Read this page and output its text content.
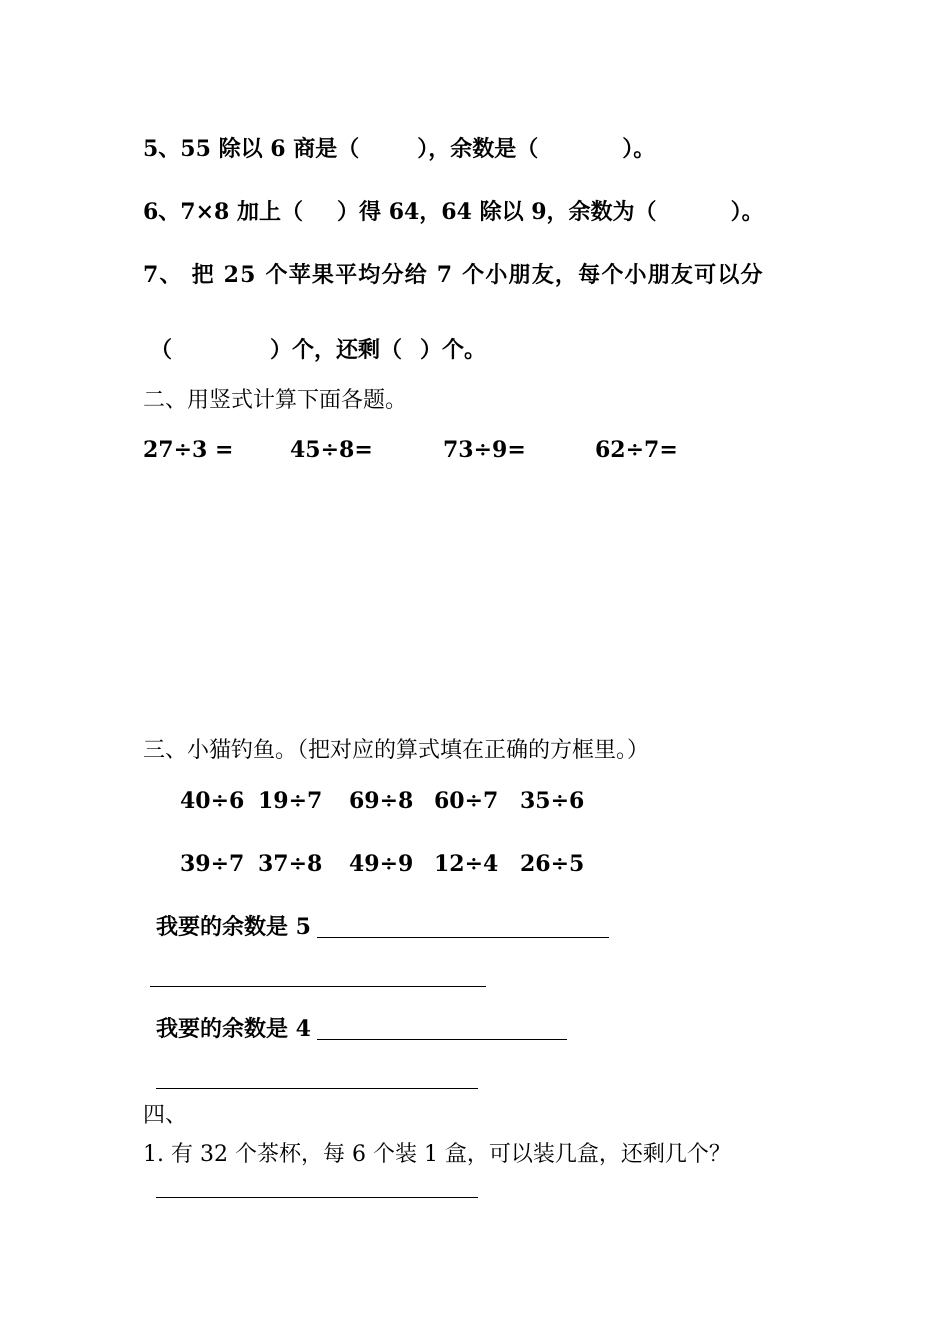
5、55 除以 6 商是（	），余数是（	）。
6、7×8 加上（ ）得 64，64 除以 9，余数为（	）。
7、 把 25 个苹果平均分给 7 个小朋友，每个小朋友可以分
（	）个，还剩（ ）个。
二、用竖式计算下面各题。
27÷3 =	45÷8=	73÷9=	62÷7=
三、小猫钓鱼。（把对应的算式填在正确的方框里。）
40÷6 19÷7 69÷8 60÷7 35÷6
39÷7 37÷8 49÷9 12÷4 26÷5
我要的余数是 5
我要的余数是 4
四、
1. 有 32 个茶杯，每 6 个装 1 盒，可以装几盒，还剩几个？
